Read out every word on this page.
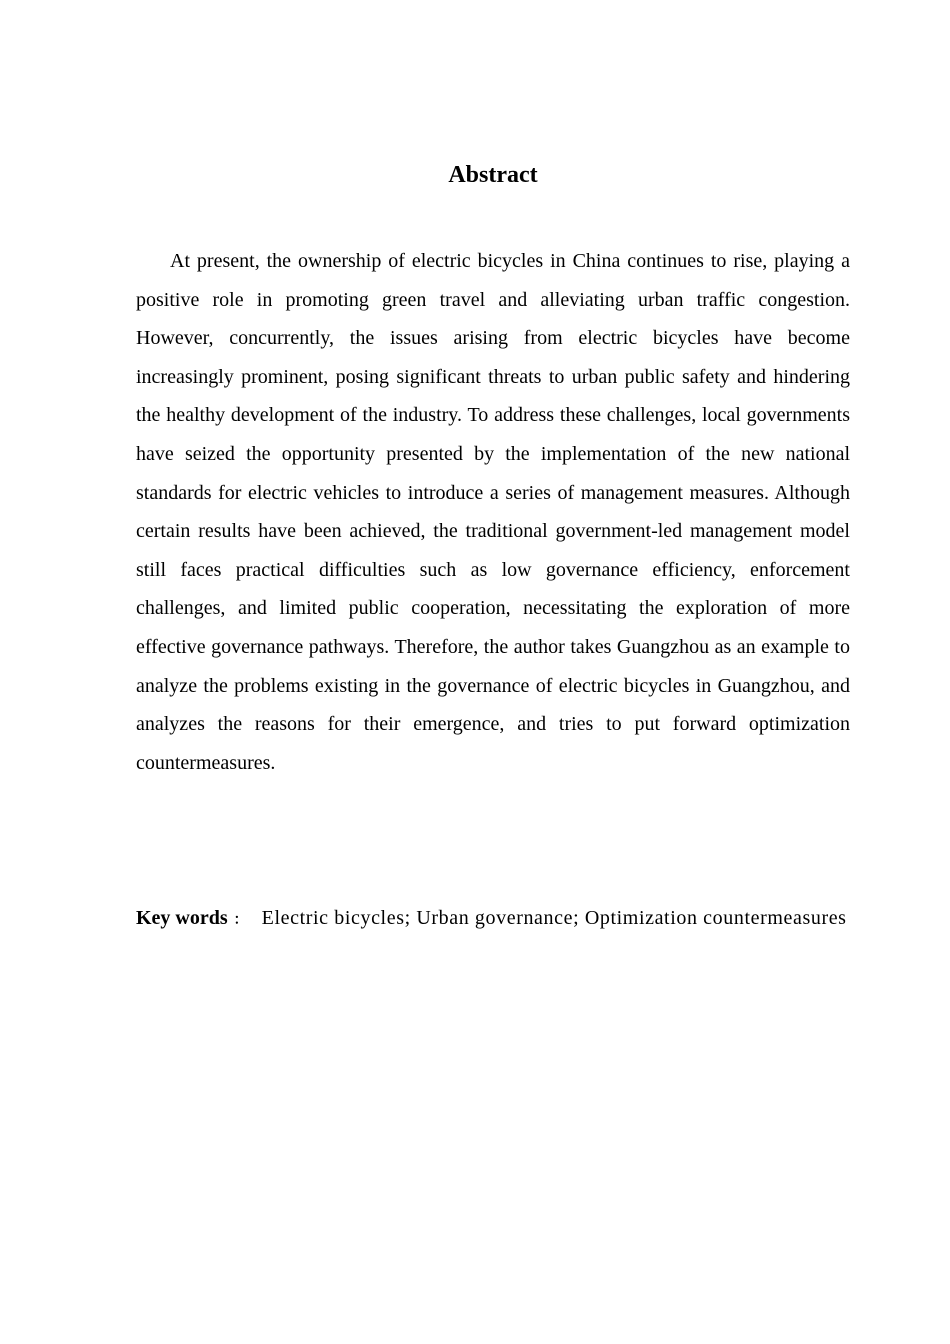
Abstract

At present, the ownership of electric bicycles in China continues to rise, playing a positive role in promoting green travel and alleviating urban traffic congestion. However, concurrently, the issues arising from electric bicycles have become increasingly prominent, posing significant threats to urban public safety and hindering the healthy development of the industry. To address these challenges, local governments have seized the opportunity presented by the implementation of the new national standards for electric vehicles to introduce a series of management measures. Although certain results have been achieved, the traditional government-led management model still faces practical difficulties such as low governance efficiency, enforcement challenges, and limited public cooperation, necessitating the exploration of more effective governance pathways. Therefore, the author takes Guangzhou as an example to analyze the problems existing in the governance of electric bicycles in Guangzhou, and analyzes the reasons for their emergence, and tries to put forward optimization countermeasures.

Key words ： Electric bicycles; Urban governance; Optimization countermeasures
